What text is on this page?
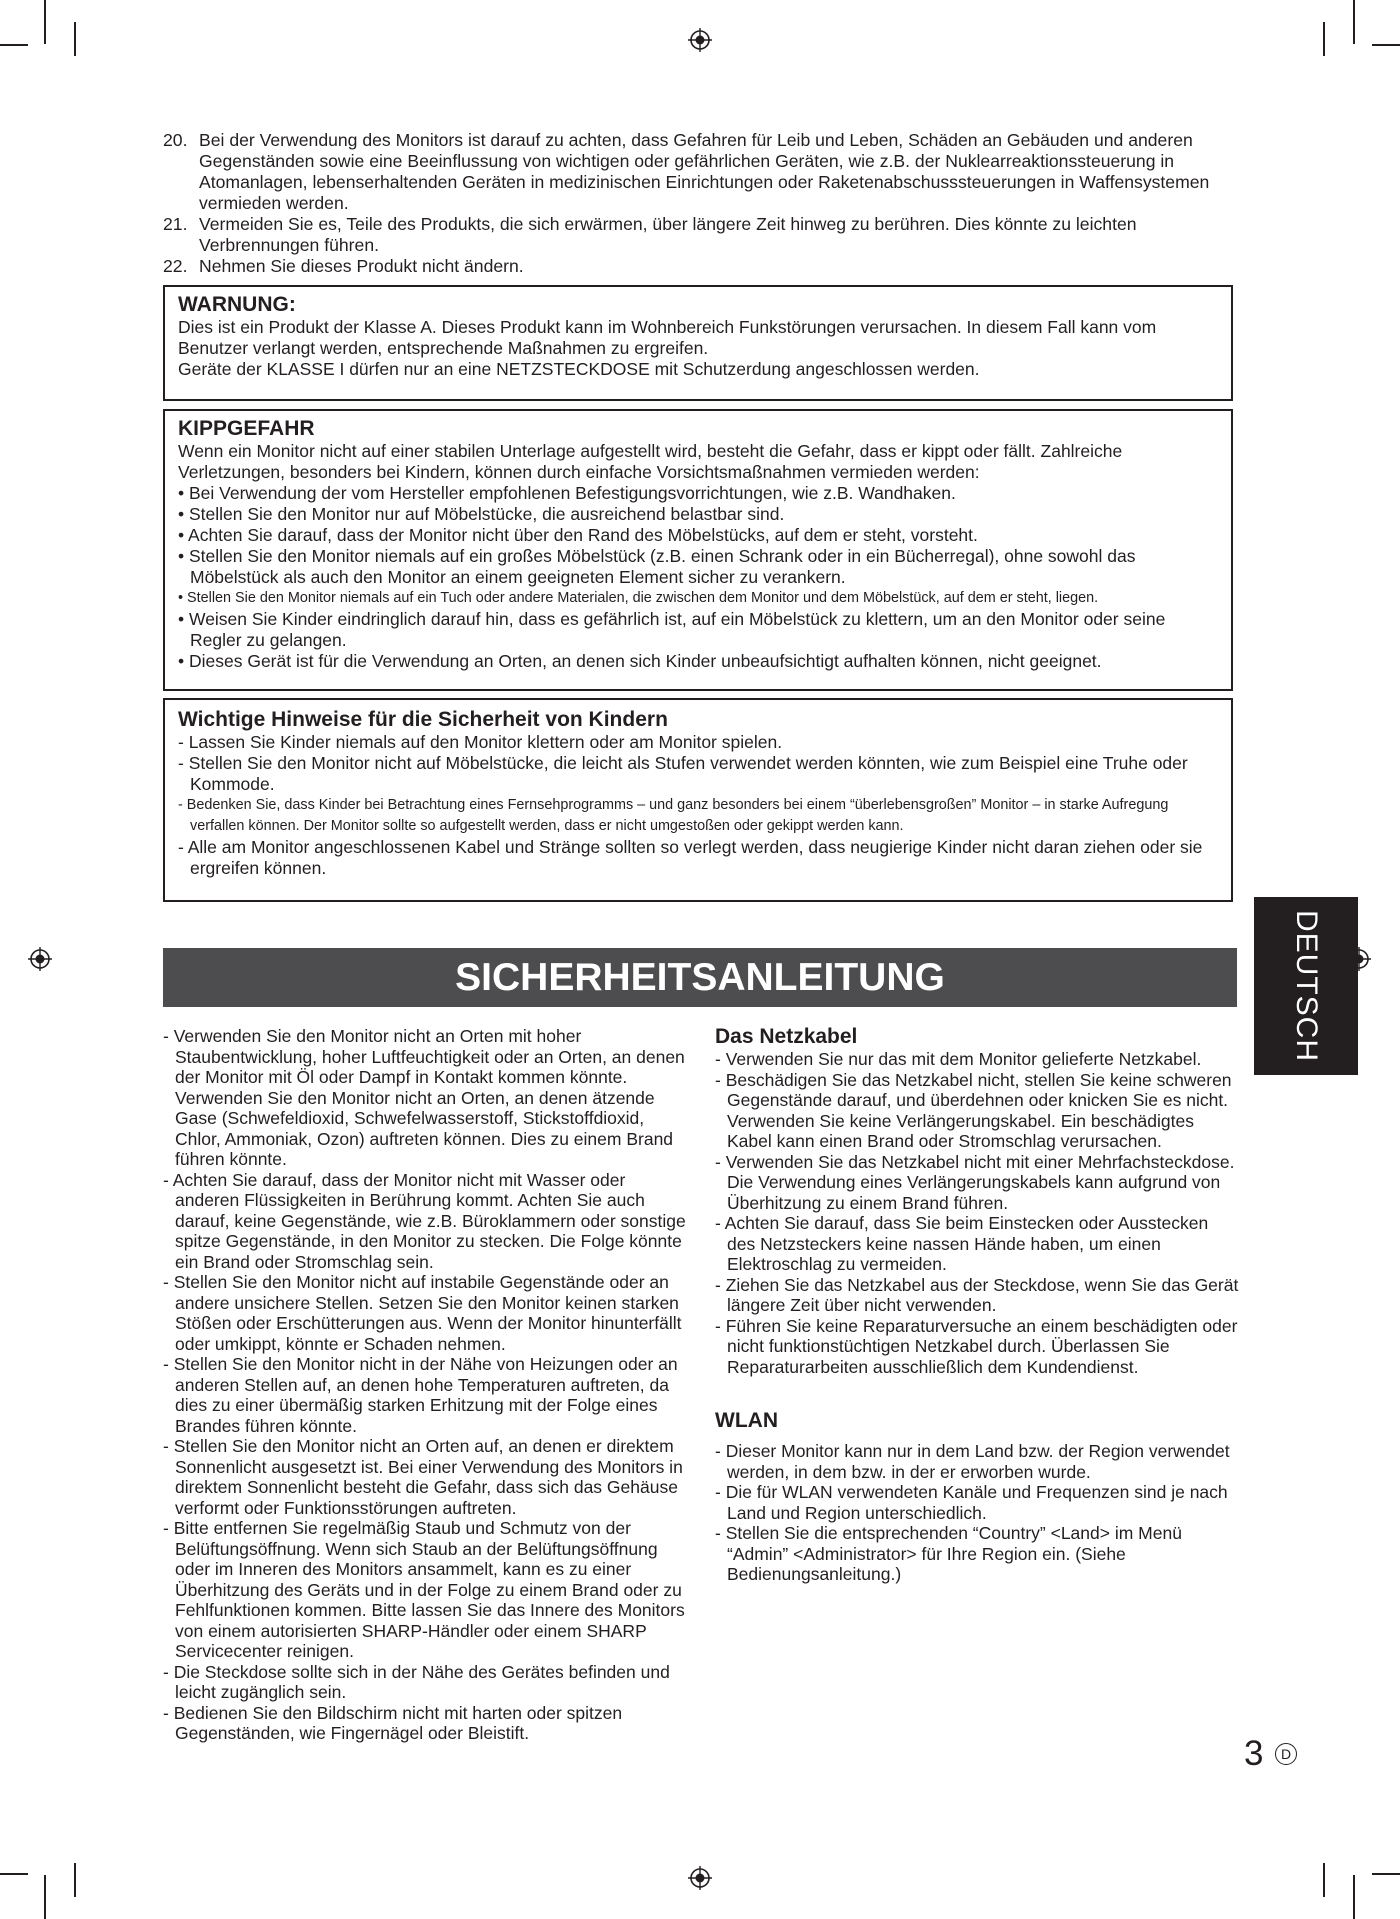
20. Bei der Verwendung des Monitors ist darauf zu achten, dass Gefahren für Leib und Leben, Schäden an Gebäuden und anderen Gegenständen sowie eine Beeinflussung von wichtigen oder gefährlichen Geräten, wie z.B. der Nuklearreaktionssteuerung in Atomanlagen, lebenserhaltenden Geräten in medizinischen Einrichtungen oder Raketenabschusssteuerungen in Waffensystemen vermieden werden.
21. Vermeiden Sie es, Teile des Produkts, die sich erwärmen, über längere Zeit hinweg zu berühren. Dies könnte zu leichten Verbrennungen führen.
22. Nehmen Sie dieses Produkt nicht ändern.
WARNUNG:
Dies ist ein Produkt der Klasse A. Dieses Produkt kann im Wohnbereich Funkstörungen verursachen. In diesem Fall kann vom Benutzer verlangt werden, entsprechende Maßnahmen zu ergreifen.
Geräte der KLASSE I dürfen nur an eine NETZSTECKDOSE mit Schutzerdung angeschlossen werden.
KIPPGEFAHR
Wenn ein Monitor nicht auf einer stabilen Unterlage aufgestellt wird, besteht die Gefahr, dass er kippt oder fällt. Zahlreiche Verletzungen, besonders bei Kindern, können durch einfache Vorsichtsmaßnahmen vermieden werden:
• Bei Verwendung der vom Hersteller empfohlenen Befestigungsvorrichtungen, wie z.B. Wandhaken.
• Stellen Sie den Monitor nur auf Möbelstücke, die ausreichend belastbar sind.
• Achten Sie darauf, dass der Monitor nicht über den Rand des Möbelstücks, auf dem er steht, vorsteht.
• Stellen Sie den Monitor niemals auf ein großes Möbelstück (z.B. einen Schrank oder in ein Bücherregal), ohne sowohl das Möbelstück als auch den Monitor an einem geeigneten Element sicher zu verankern.
• Stellen Sie den Monitor niemals auf ein Tuch oder andere Materialen, die zwischen dem Monitor und dem Möbelstück, auf dem er steht, liegen.
• Weisen Sie Kinder eindringlich darauf hin, dass es gefährlich ist, auf ein Möbelstück zu klettern, um an den Monitor oder seine Regler zu gelangen.
• Dieses Gerät ist für die Verwendung an Orten, an denen sich Kinder unbeaufsichtigt aufhalten können, nicht geeignet.
Wichtige Hinweise für die Sicherheit von Kindern
- Lassen Sie Kinder niemals auf den Monitor klettern oder am Monitor spielen.
- Stellen Sie den Monitor nicht auf Möbelstücke, die leicht als Stufen verwendet werden könnten, wie zum Beispiel eine Truhe oder Kommode.
- Bedenken Sie, dass Kinder bei Betrachtung eines Fernsehprogramms – und ganz besonders bei einem “überlebensgroßen” Monitor – in starke Aufregung verfallen können. Der Monitor sollte so aufgestellt werden, dass er nicht umgestoßen oder gekippt werden kann.
- Alle am Monitor angeschlossenen Kabel und Stränge sollten so verlegt werden, dass neugierige Kinder nicht daran ziehen oder sie ergreifen können.
SICHERHEITSANLEITUNG
- Verwenden Sie den Monitor nicht an Orten mit hoher Staubentwicklung, hoher Luftfeuchtigkeit oder an Orten, an denen der Monitor mit Öl oder Dampf in Kontakt kommen könnte. Verwenden Sie den Monitor nicht an Orten, an denen ätzende Gase (Schwefeldioxid, Schwefelwasserstoff, Stickstoffdioxid, Chlor, Ammoniak, Ozon) auftreten können. Dies zu einem Brand führen könnte.
- Achten Sie darauf, dass der Monitor nicht mit Wasser oder anderen Flüssigkeiten in Berührung kommt. Achten Sie auch darauf, keine Gegenstände, wie z.B. Büroklammern oder sonstige spitze Gegenstände, in den Monitor zu stecken. Die Folge könnte ein Brand oder Stromschlag sein.
- Stellen Sie den Monitor nicht auf instabile Gegenstände oder an andere unsichere Stellen. Setzen Sie den Monitor keinen starken Stößen oder Erschütterungen aus. Wenn der Monitor hinunterfällt oder umkippt, könnte er Schaden nehmen.
- Stellen Sie den Monitor nicht in der Nähe von Heizungen oder an anderen Stellen auf, an denen hohe Temperaturen auftreten, da dies zu einer übermäßig starken Erhitzung mit der Folge eines Brandes führen könnte.
- Stellen Sie den Monitor nicht an Orten auf, an denen er direktem Sonnenlicht ausgesetzt ist. Bei einer Verwendung des Monitors in direktem Sonnenlicht besteht die Gefahr, dass sich das Gehäuse verformt oder Funktionsstörungen auftreten.
- Bitte entfernen Sie regelmäßig Staub und Schmutz von der Belüftungsöffnung. Wenn sich Staub an der Belüftungsöffnung oder im Inneren des Monitors ansammelt, kann es zu einer Überhitzung des Geräts und in der Folge zu einem Brand oder zu Fehlfunktionen kommen. Bitte lassen Sie das Innere des Monitors von einem autorisierten SHARP-Händler oder einem SHARP Servicecenter reinigen.
- Die Steckdose sollte sich in der Nähe des Gerätes befinden und leicht zugänglich sein.
- Bedienen Sie den Bildschirm nicht mit harten oder spitzen Gegenständen, wie Fingernägel oder Bleistift.
Das Netzkabel
- Verwenden Sie nur das mit dem Monitor gelieferte Netzkabel.
- Beschädigen Sie das Netzkabel nicht, stellen Sie keine schweren Gegenstände darauf, und überdehnen oder knicken Sie es nicht. Verwenden Sie keine Verlängerungskabel. Ein beschädigtes Kabel kann einen Brand oder Stromschlag verursachen.
- Verwenden Sie das Netzkabel nicht mit einer Mehrfachsteckdose. Die Verwendung eines Verlängerungskabels kann aufgrund von Überhitzung zu einem Brand führen.
- Achten Sie darauf, dass Sie beim Einstecken oder Ausstecken des Netzsteckers keine nassen Hände haben, um einen Elektroschlag zu vermeiden.
- Ziehen Sie das Netzkabel aus der Steckdose, wenn Sie das Gerät längere Zeit über nicht verwenden.
- Führen Sie keine Reparaturversuche an einem beschädigten oder nicht funktionstüchtigen Netzkabel durch. Überlassen Sie Reparaturarbeiten ausschließlich dem Kundendienst.
WLAN
- Dieser Monitor kann nur in dem Land bzw. der Region verwendet werden, in dem bzw. in der er erworben wurde.
- Die für WLAN verwendeten Kanäle und Frequenzen sind je nach Land und Region unterschiedlich.
- Stellen Sie die entsprechenden “Country” <Land> im Menü “Admin” <Administrator> für Ihre Region ein. (Siehe Bedienungsanleitung.)
DEUTSCH
3	D
